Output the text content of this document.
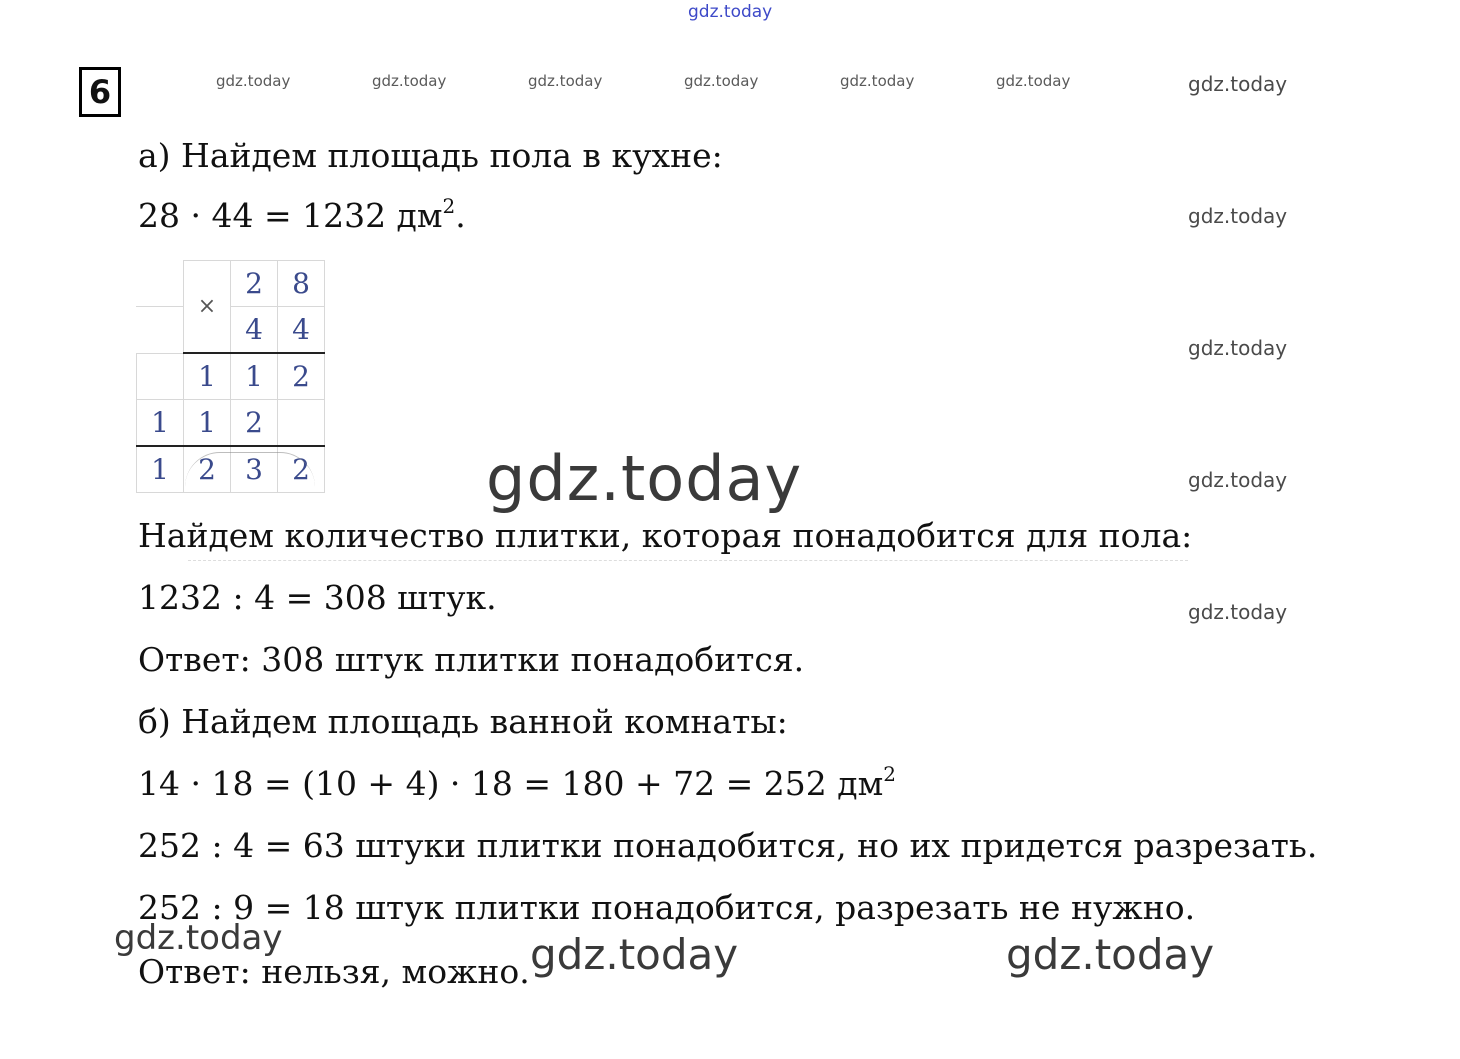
gdz.today
gdz.today	gdz.today	gdz.today	gdz.today	gdz.today	gdz.today	gdz.today
gdz.today
gdz.today
gdz.today
gdz.today
6
а) Найдем площадь пола в кухне:
28 · 44 = 1232 $дм^2$.
	×	2	8
		4	4
	1	1	2
1	1	2	
1	2	3	2	gdz.today
Найдем количество плитки, которая понадобится для пола:
1232 : 4 = 308 штук.
Ответ: 308 штук плитки понадобится.
б) Найдем площадь ванной комнаты:
14 · 18 = (10 + 4) · 18 = 180 + 72 = 252 $дм^2$
252 : 4 = 63 штуки плитки понадобится, но их придется разрезать.
252 : 9 = 18 штук плитки понадобится, разрезать не нужно.
Ответ: нельзя, можно.
gdz.today	gdz.today	gdz.today
